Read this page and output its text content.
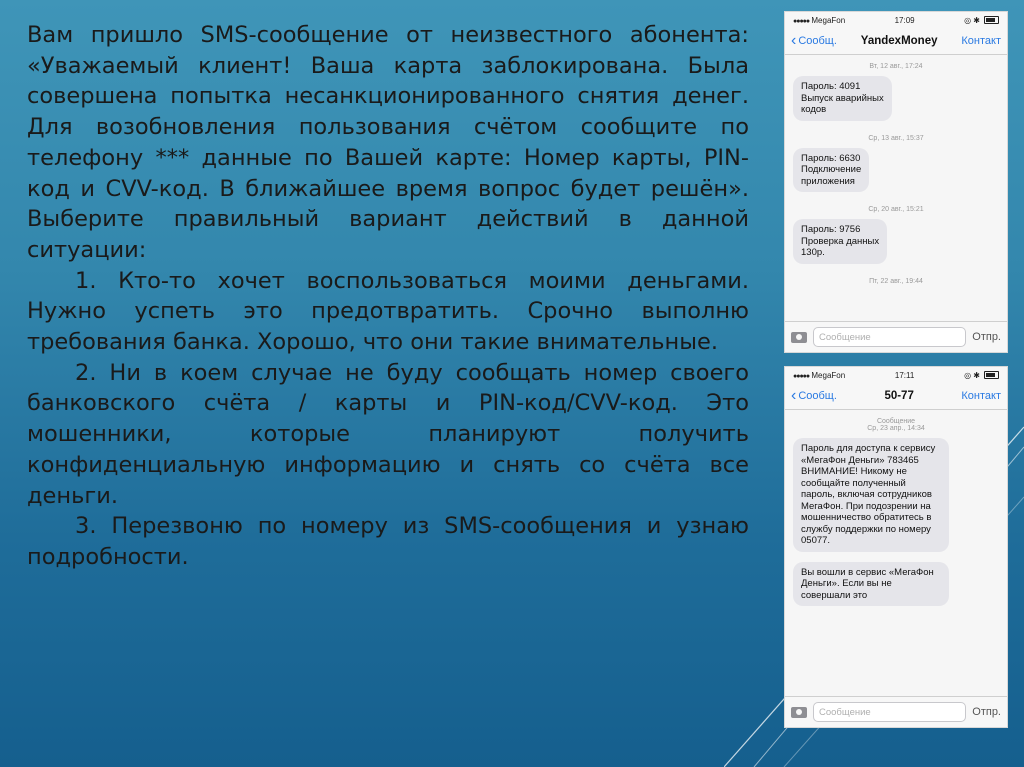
Вам пришло SMS-сообщение от неизвестного абонента: «Уважаемый клиент! Ваша карта заблокирована. Была совершена попытка несанкционированного снятия денег. Для возобновления пользования счётом сообщите по телефону *** данные по Вашей карте: Номер карты, PIN-код и CVV-код. В ближайшее время вопрос будет решён». Выберите правильный вариант действий в данной ситуации:

1. Кто-то хочет воспользоваться моими деньгами. Нужно успеть это предотвратить. Срочно выполню требования банка. Хорошо, что они такие внимательные.

2. Ни в коем случае не буду сообщать номер своего банковского счёта / карты и PIN-код/CVV-код. Это мошенники, которые планируют получить конфиденциальную информацию и снять со счёта все деньги.

3. Перезвоню по номеру из SMS-сообщения и узнаю подробности.

●●●●● MegaFon	17:09	◎ ✱
‹ Сообщ. YandexMoney Контакт
Вт, 12 авг., 17:24
Пароль: 4091
Выпуск аварийных
кодов
Ср, 13 авг., 15:37
Пароль: 6630
Подключение
приложения
Ср, 20 авг., 15:21
Пароль: 9756
Проверка данных
130р.
Пт, 22 авг., 19:44
Сообщение	Отпр.
●●●●● MegaFon	17:11	◎ ✱
‹ Сообщ.	50-77	Контакт
Сообщение
Ср, 23 апр., 14:34
Пароль для доступа к сервису «МегаФон Деньги» 783465 ВНИМАНИЕ! Никому не сообщайте полученный пароль, включая сотрудников МегаФон. При подозрении на мошенничество обратитесь в службу поддержки по номеру 05077. Вы вошли в сервис «МегаФон Деньги». Если вы не совершали это
Сообщение	Отпр.
